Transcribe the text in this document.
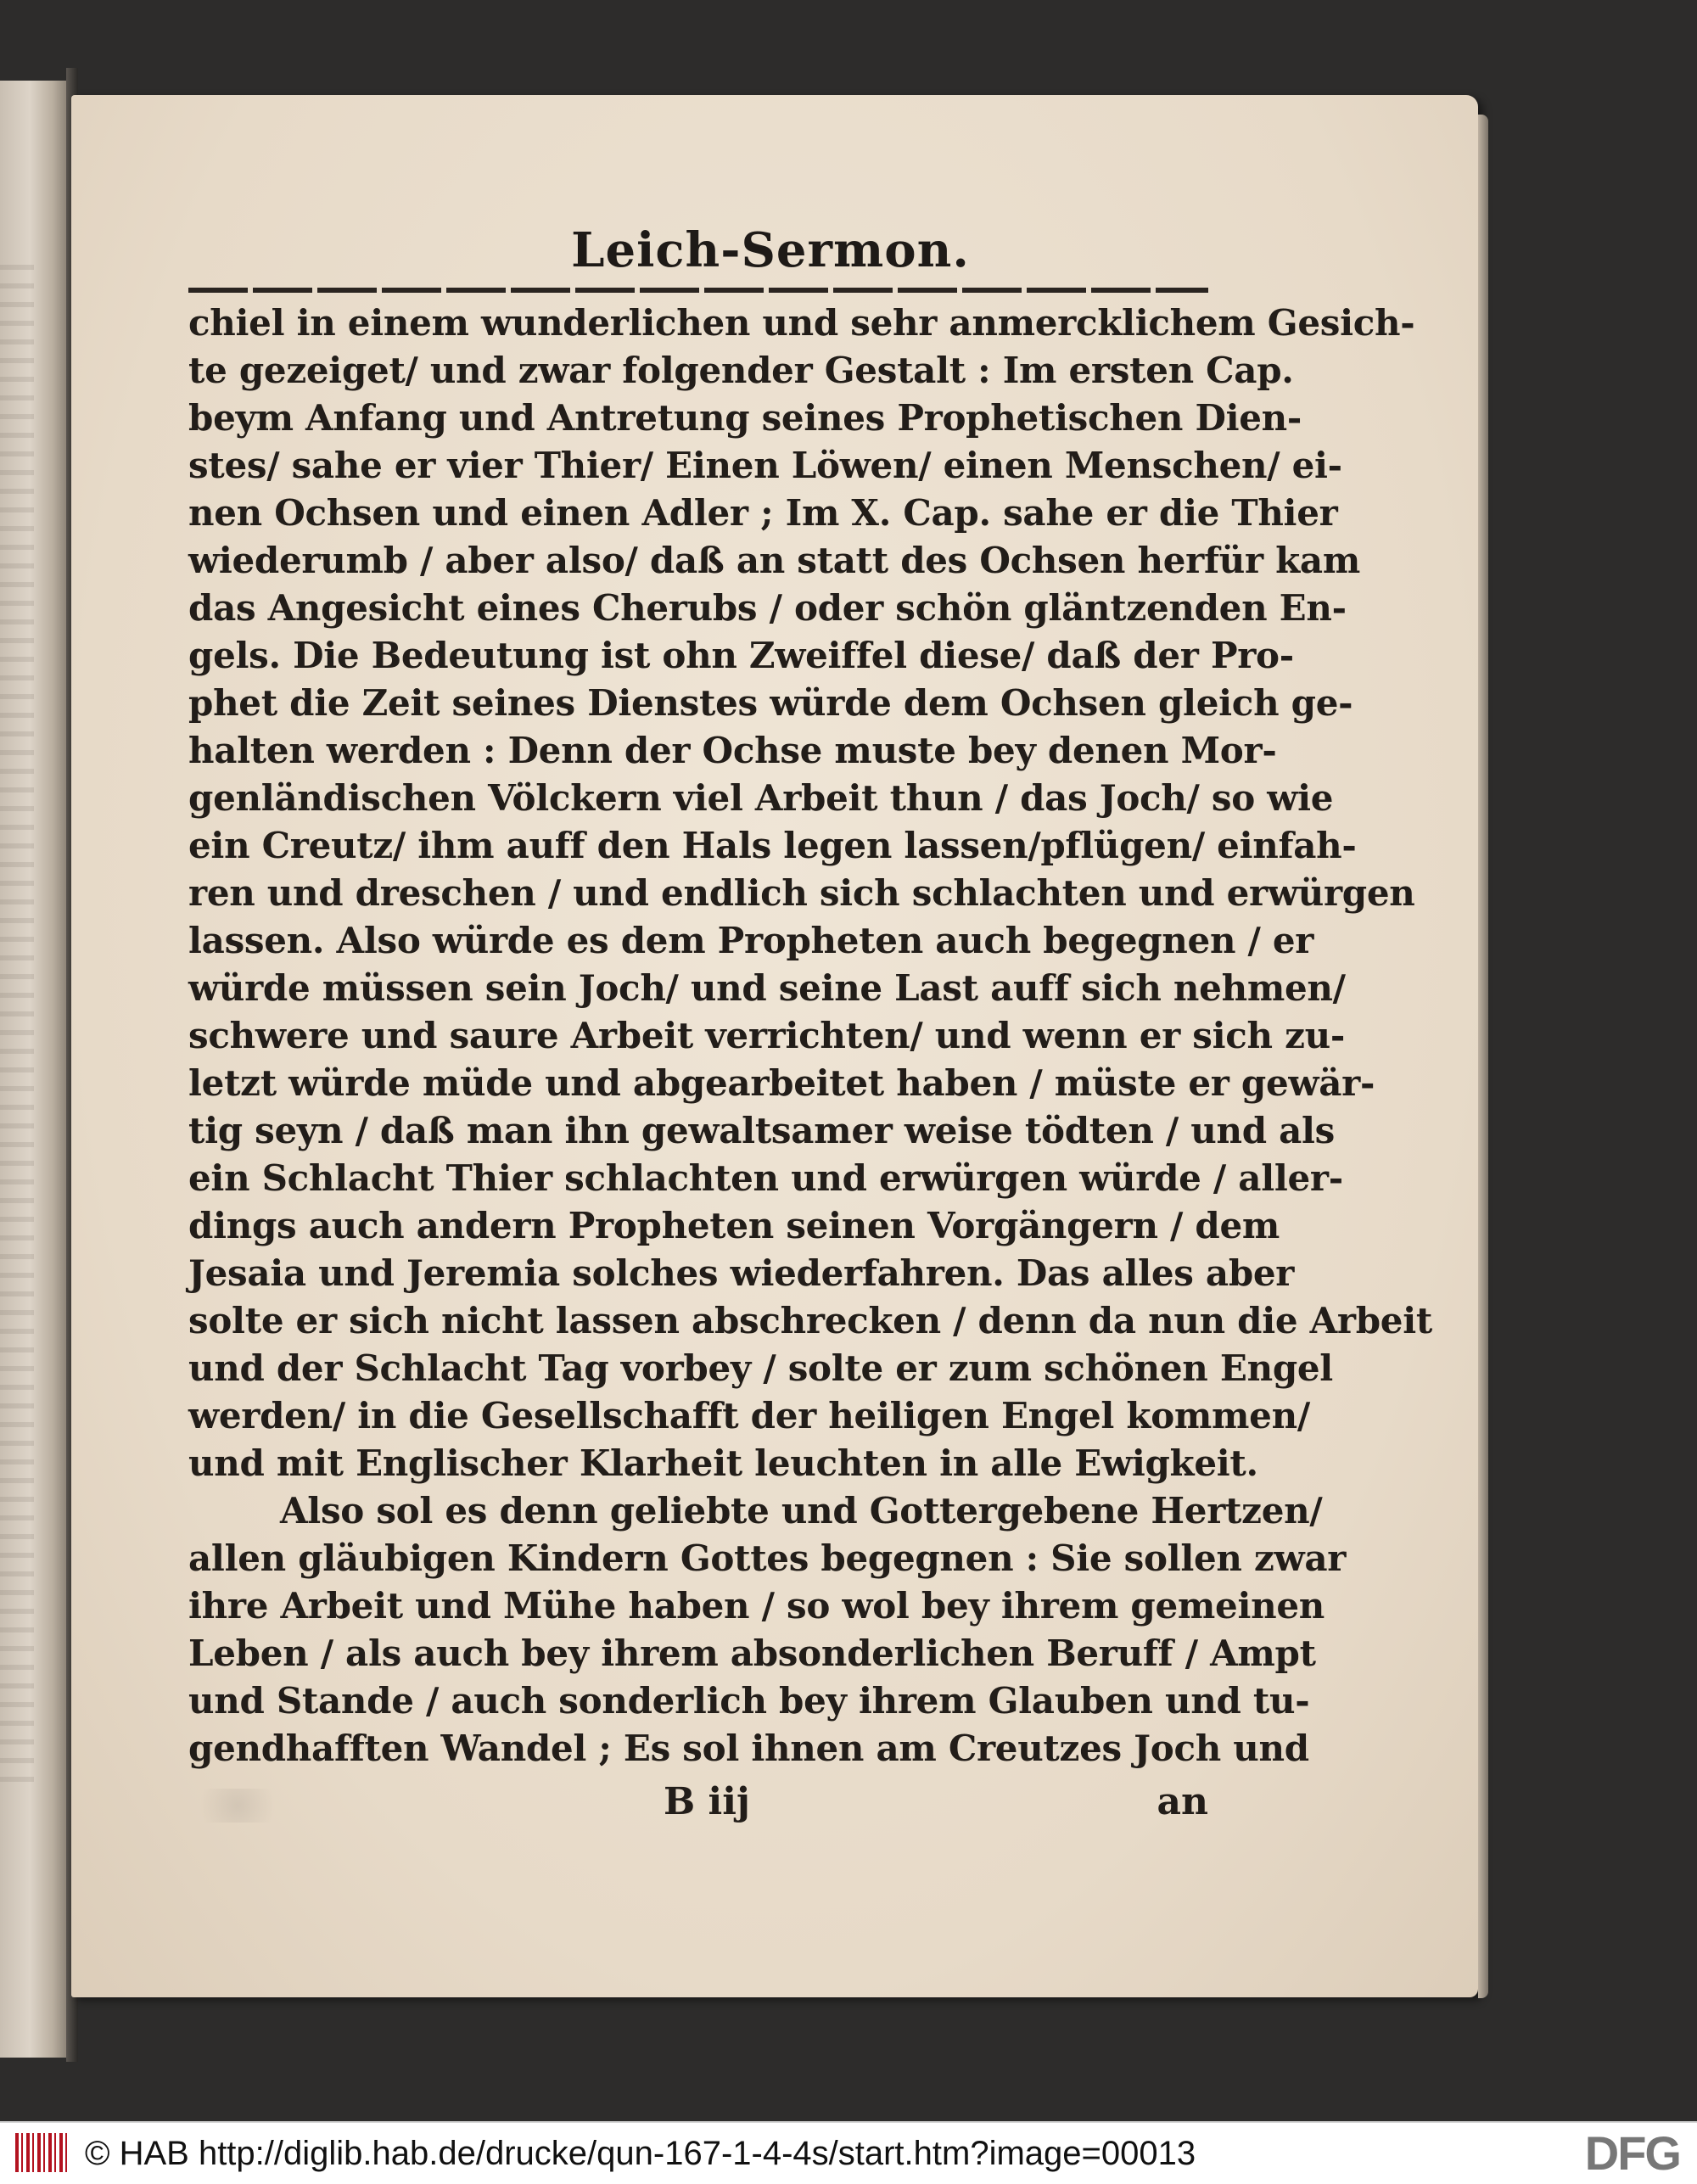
Leich-Sermon.
chiel in einem wunderlichen und sehr anmercklichem Gesich-
te gezeiget/ und zwar folgender Gestalt : Im ersten Cap.
beym Anfang und Antretung seines Prophetischen Dien-
stes/ sahe er vier Thier/ Einen Löwen/ einen Menschen/ ei-
nen Ochsen und einen Adler ; Im X. Cap. sahe er die Thier
wiederumb / aber also/ daß an statt des Ochsen herfür kam
das Angesicht eines Cherubs / oder schön gläntzenden En-
gels. Die Bedeutung ist ohn Zweiffel diese/ daß der Pro-
phet die Zeit seines Dienstes würde dem Ochsen gleich ge-
halten werden : Denn der Ochse muste bey denen Mor-
genländischen Völckern viel Arbeit thun / das Joch/ so wie
ein Creutz/ ihm auff den Hals legen lassen/pflügen/ einfah-
ren und dreschen / und endlich sich schlachten und erwürgen
lassen. Also würde es dem Propheten auch begegnen / er
würde müssen sein Joch/ und seine Last auff sich nehmen/
schwere und saure Arbeit verrichten/ und wenn er sich zu-
letzt würde müde und abgearbeitet haben / müste er gewär-
tig seyn / daß man ihn gewaltsamer weise tödten / und als
ein Schlacht Thier schlachten und erwürgen würde / aller-
dings auch andern Propheten seinen Vorgängern / dem
Jesaia und Jeremia solches wiederfahren. Das alles aber
solte er sich nicht lassen abschrecken / denn da nun die Arbeit
und der Schlacht Tag vorbey / solte er zum schönen Engel
werden/ in die Gesellschafft der heiligen Engel kommen/
und mit Englischer Klarheit leuchten in alle Ewigkeit.
Also sol es denn geliebte und Gottergebene Hertzen/
allen gläubigen Kindern Gottes begegnen : Sie sollen zwar
ihre Arbeit und Mühe haben / so wol bey ihrem gemeinen
Leben / als auch bey ihrem absonderlichen Beruff / Ampt
und Stande / auch sonderlich bey ihrem Glauben und tu-
gendhafften Wandel ; Es sol ihnen am Creutzes Joch und
B iij	an
© HAB http://diglib.hab.de/drucke/qun-167-1-4-4s/start.htm?image=00013	DFG
